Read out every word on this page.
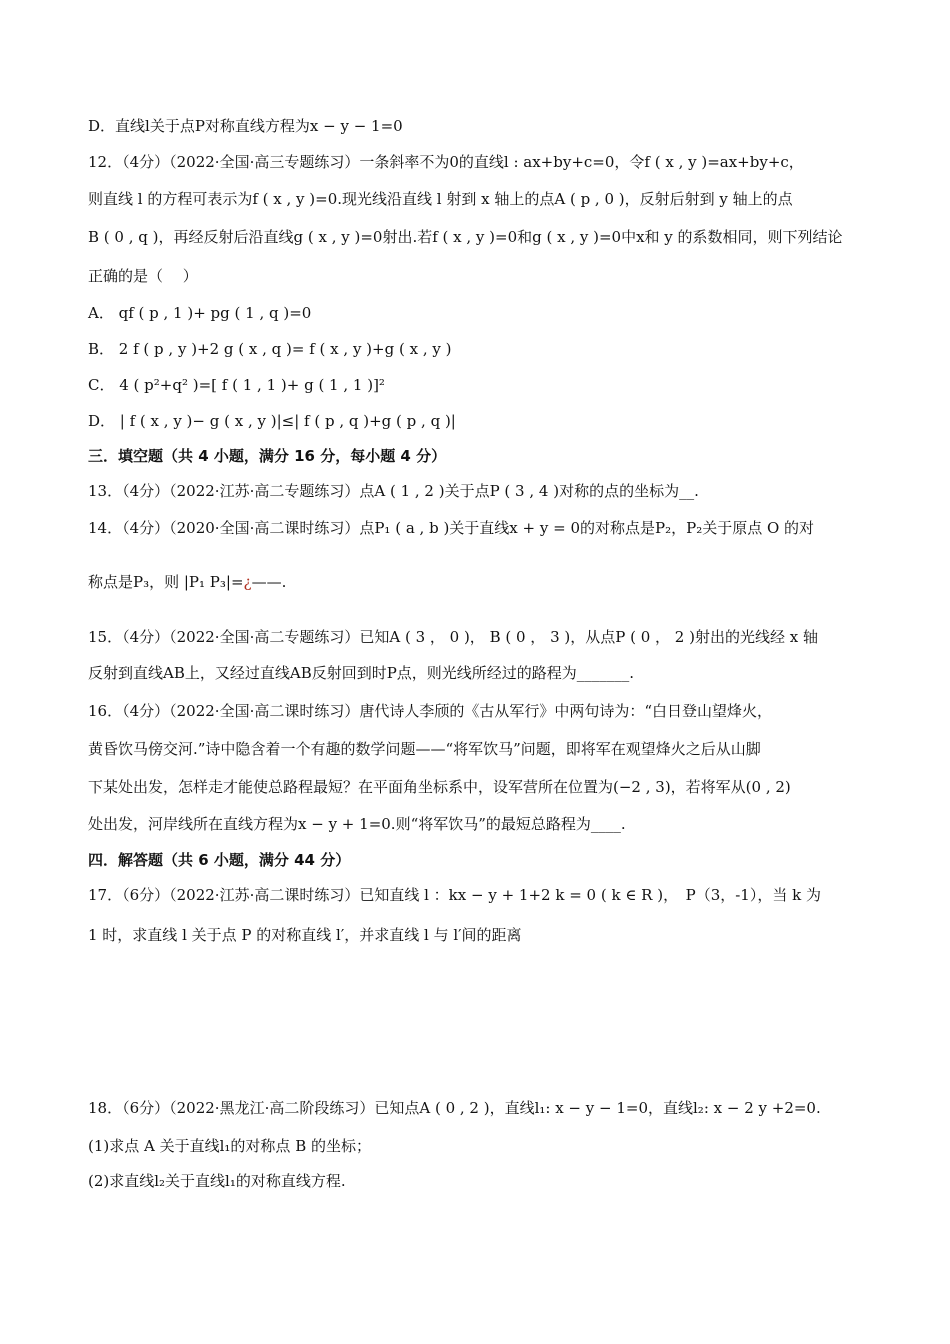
D．直线l关于点P对称直线方程为x − y − 1=0
12．（4分）（2022·全国·高三专题练习）一条斜率不为0的直线l : ax+by+c=0，令f ( x , y )=ax+by+c，
则直线 l 的方程可表示为f ( x , y )=0.现光线沿直线 l 射到 x 轴上的点A ( p , 0 )，反射后射到 y 轴上的点
B ( 0 , q )，再经反射后沿直线g ( x , y )=0射出.若f ( x , y )=0和g ( x , y )=0中x和 y 的系数相同，则下列结论
正确的是（　 ）
A． qf ( p , 1 )+ pg ( 1 , q )=0
B． 2 f ( p , y )+2 g ( x , q )= f ( x , y )+g ( x , y )
C． 4 ( p²+q² )=[ f ( 1 , 1 )+ g ( 1 , 1 )]²
D． | f ( x , y )− g ( x , y )|≤| f ( p , q )+g ( p , q )|
三．填空题（共 4 小题，满分 16 分，每小题 4 分）
13．（4分）（2022·江苏·高二专题练习）点A ( 1 , 2 )关于点P ( 3 , 4 )对称的点的坐标为__.
14．（4分）（2020·全国·高二课时练习）点P₁ ( a , b )关于直线x + y = 0的对称点是P₂，P₂关于原点 O 的对
称点是P₃，则 |P₁ P₃|=¿——.
15．（4分）（2022·全国·高二专题练习）已知A ( 3 ， 0 )， B ( 0 ， 3 )，从点P ( 0 ， 2 )射出的光线经 x 轴
反射到直线AB上，又经过直线AB反射回到时P点，则光线所经过的路程为_______.
16．（4分）（2022·全国·高二课时练习）唐代诗人李颀的《古从军行》中两句诗为：“白日登山望烽火，
黄昏饮马傍交河.”诗中隐含着一个有趣的数学问题——“将军饮马”问题，即将军在观望烽火之后从山脚
下某处出发，怎样走才能使总路程最短？在平面角坐标系中，设军营所在位置为(−2 , 3)，若将军从(0 , 2)
处出发，河岸线所在直线方程为x − y + 1=0.则“将军饮马”的最短总路程为____.
四．解答题（共 6 小题，满分 44 分）
17．（6分）（2022·江苏·高二课时练习）已知直线 l ：kx − y + 1+2 k = 0 ( k ∈ R )，　P（3，-1），当 k 为
1 时，求直线 l 关于点 P 的对称直线 l′，并求直线 l 与 l′间的距离
18．（6分）（2022·黑龙江·高二阶段练习）已知点A ( 0 , 2 )，直线l₁: x − y − 1=0，直线l₂: x − 2 y +2=0.
(1)求点 A 关于直线l₁的对称点 B 的坐标；
(2)求直线l₂关于直线l₁的对称直线方程.
